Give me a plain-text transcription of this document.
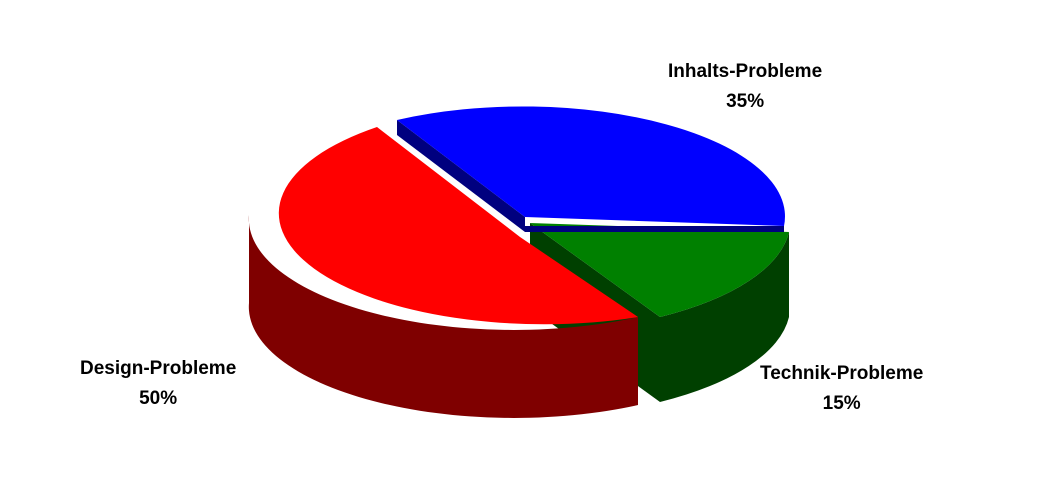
Inhalts-Probleme
35%
Design-Probleme
50%
Technik-Probleme
15%
